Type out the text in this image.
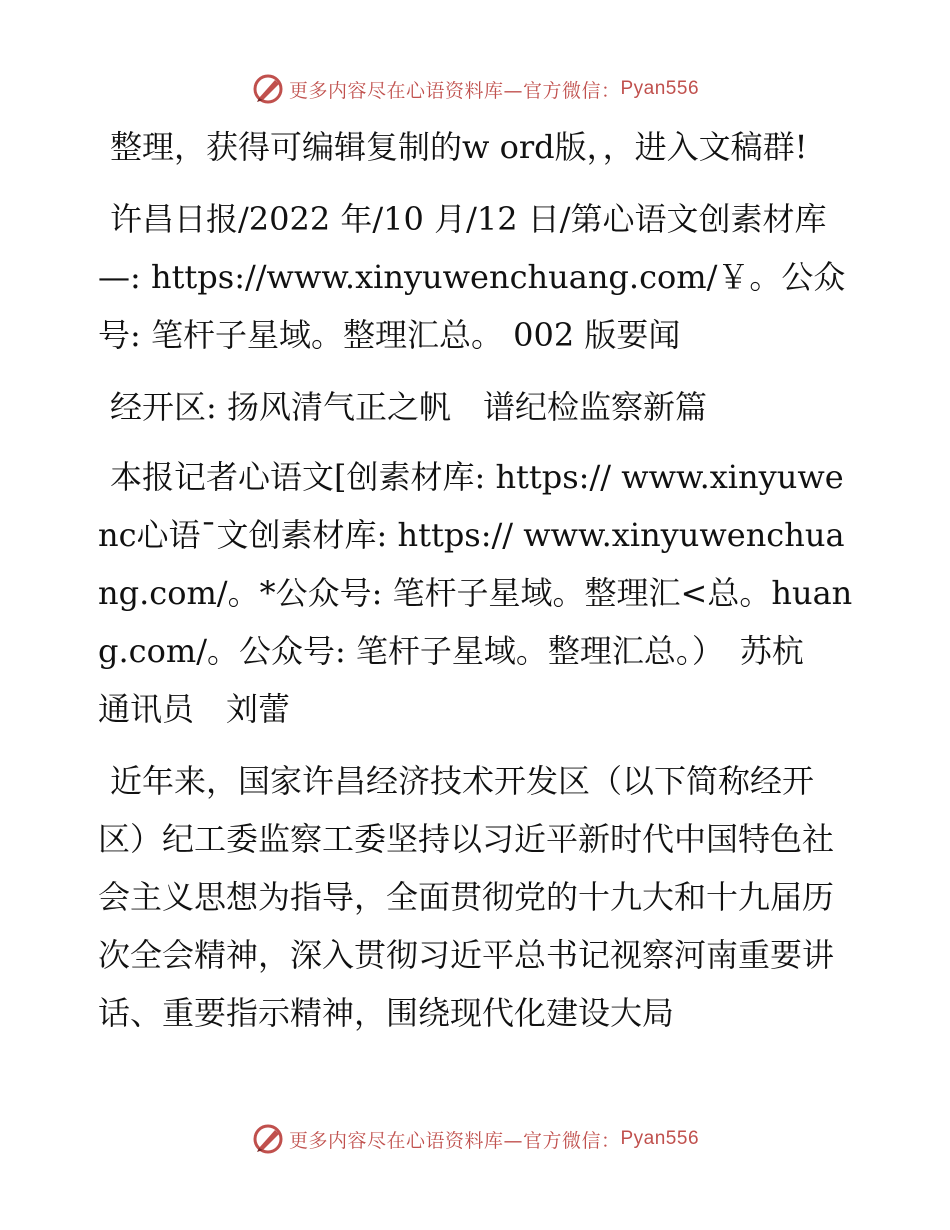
更多内容尽在心语资料库—官方微信： Pyan556

整理，获得可编辑复制的w ord版，，进入文稿群!

许昌日报/2022 年/10 月/12 日/第心语文创素材库—: https://www.xinyuwenchuang.com/￥。公众号: 笔杆子星域。整理汇总。 002 版要闻

经开区: 扬风清气正之帆　谱纪检监察新篇

本报记者心语文[创素材库: https:// www.xinyuwenc心语¯文创素材库: https:// www.xinyuwenchuang.com/。*公众号: 笔杆子星域。整理汇<总。huang.com/。公众号: 笔杆子星域。整理汇总。）　苏杭　通讯员　刘蕾

近年来，国家许昌经济技术开发区（以下简称经开区）纪工委监察工委坚持以习近平新时代中国特色社会主义思想为指导，全面贯彻党的十九大和十九届历次全会精神，深入贯彻习近平总书记视察河南重要讲话、重要指示精神，围绕现代化建设大局

更多内容尽在心语资料库—官方微信： Pyan556
